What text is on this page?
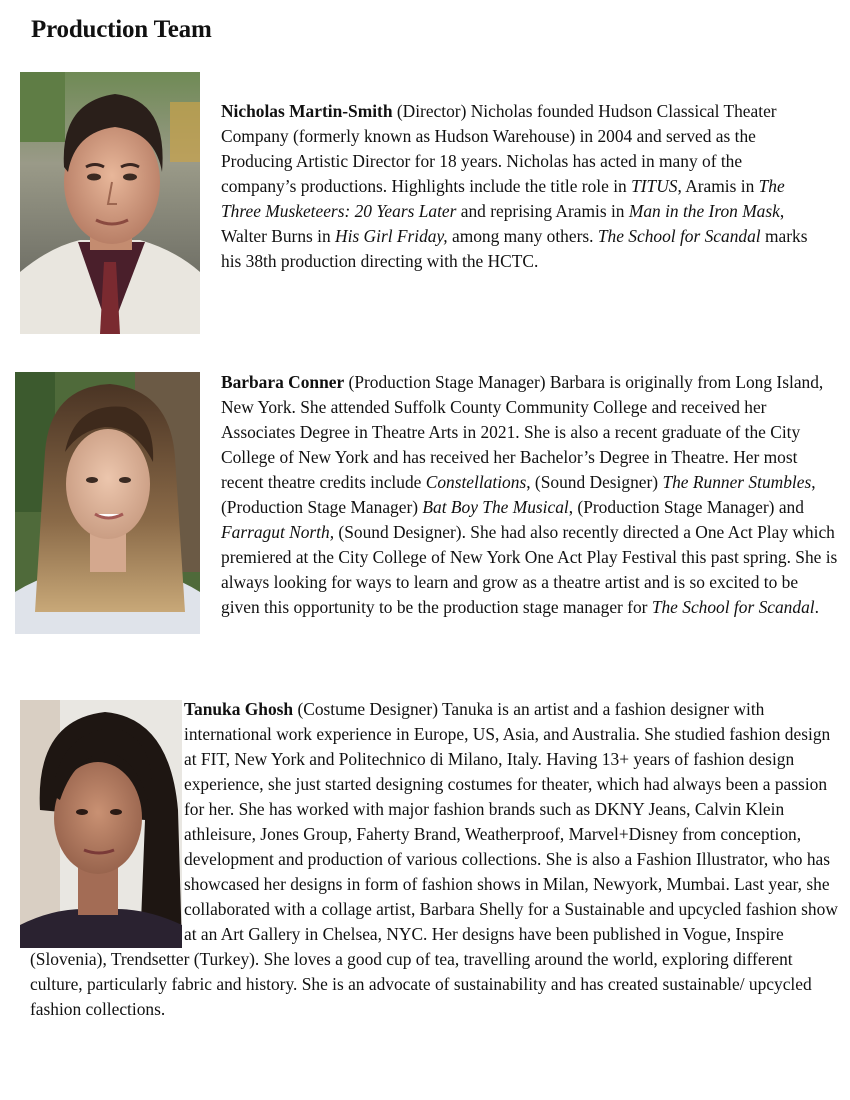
Production Team

Nicholas Martin-Smith (Director) Nicholas founded Hudson Classical Theater Company (formerly known as Hudson Warehouse) in 2004 and served as the Producing Artistic Director for 18 years. Nicholas has acted in many of the company’s productions. Highlights include the title role in TITUS, Aramis in The Three Musketeers: 20 Years Later and reprising Aramis in Man in the Iron Mask, Walter Burns in His Girl Friday, among many others. The School for Scandal marks his 38th production directing with the HCTC.

Barbara Conner (Production Stage Manager) Barbara is originally from Long Island, New York. She attended Suffolk County Community College and received her Associates Degree in Theatre Arts in 2021. She is also a recent graduate of the City College of New York and has received her Bachelor’s Degree in Theatre. Her most recent theatre credits include Constellations, (Sound Designer) The Runner Stumbles, (Production Stage Manager) Bat Boy The Musical, (Production Stage Manager) and Farragut North, (Sound Designer). She had also recently directed a One Act Play which premiered at the City College of New York One Act Play Festival this past spring. She is always looking for ways to learn and grow as a theatre artist and is so excited to be given this opportunity to be the production stage manager for The School for Scandal.

Tanuka Ghosh (Costume Designer) Tanuka is an artist and a fashion designer with international work experience in Europe, US, Asia, and Australia. She studied fashion design at FIT, New York and Politechnico di Milano, Italy. Having 13+ years of fashion design experience, she just started designing costumes for theater, which had always been a passion for her. She has worked with major fashion brands such as DKNY Jeans, Calvin Klein athleisure, Jones Group, Faherty Brand, Weatherproof, Marvel+Disney from conception, development and production of various collections. She is also a Fashion Illustrator, who has showcased her designs in form of fashion shows in Milan, Newyork, Mumbai. Last year, she collaborated with a collage artist, Barbara Shelly for a Sustainable and upcycled fashion show at an Art Gallery in Chelsea, NYC. Her designs have been published in Vogue, Inspire (Slovenia), Trendsetter (Turkey). She loves a good cup of tea, travelling around the world, exploring different culture, particularly fabric and history. She is an advocate of sustainability and has created sustainable/ upcycled fashion collections.
